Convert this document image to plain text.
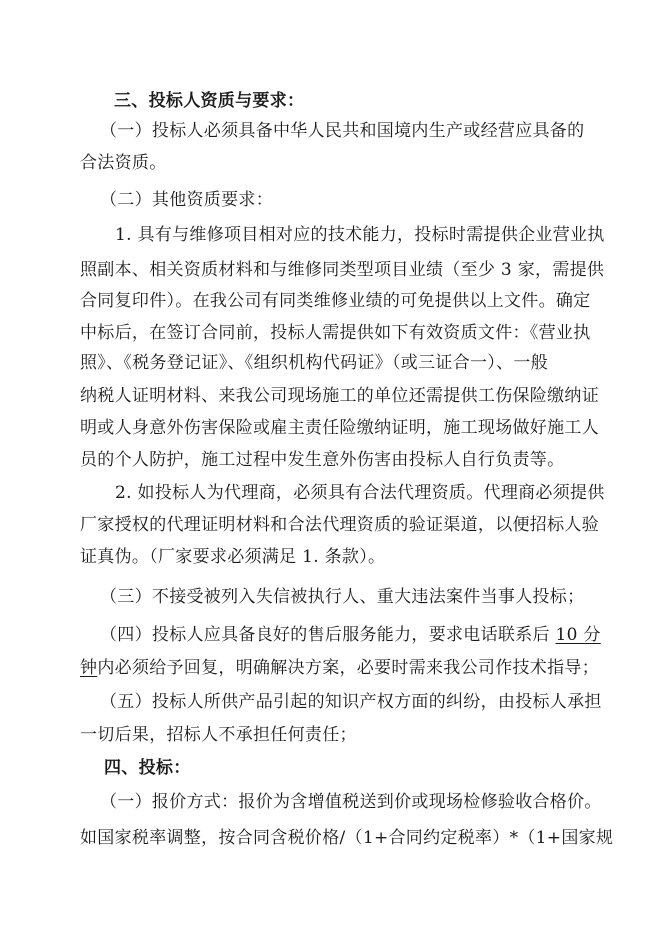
三、投标人资质与要求：
（一）投标人必须具备中华人民共和国境内生产或经营应具备的
合法资质。
（二）其他资质要求：
1. 具有与维修项目相对应的技术能力，投标时需提供企业营业执
照副本、相关资质材料和与维修同类型项目业绩（至少 3 家，需提供
合同复印件）。在我公司有同类维修业绩的可免提供以上文件。确定
中标后，在签订合同前，投标人需提供如下有效资质文件：《营业执
照》、《税务登记证》、《组织机构代码证》（或三证合一）、一般
纳税人证明材料、来我公司现场施工的单位还需提供工伤保险缴纳证
明或人身意外伤害保险或雇主责任险缴纳证明，施工现场做好施工人
员的个人防护，施工过程中发生意外伤害由投标人自行负责等。
2. 如投标人为代理商，必须具有合法代理资质。代理商必须提供
厂家授权的代理证明材料和合法代理资质的验证渠道，以便招标人验
证真伪。（厂家要求必须满足 1. 条款）。
（三）不接受被列入失信被执行人、重大违法案件当事人投标；
（四）投标人应具备良好的售后服务能力，要求电话联系后 10 分
钟内必须给予回复，明确解决方案，必要时需来我公司作技术指导；
（五）投标人所供产品引起的知识产权方面的纠纷，由投标人承担
一切后果，招标人不承担任何责任；
四、投标：
（一）报价方式：报价为含增值税送到价或现场检修验收合格价。
如国家税率调整，按合同含税价格/（1+合同约定税率）*（1+国家规
